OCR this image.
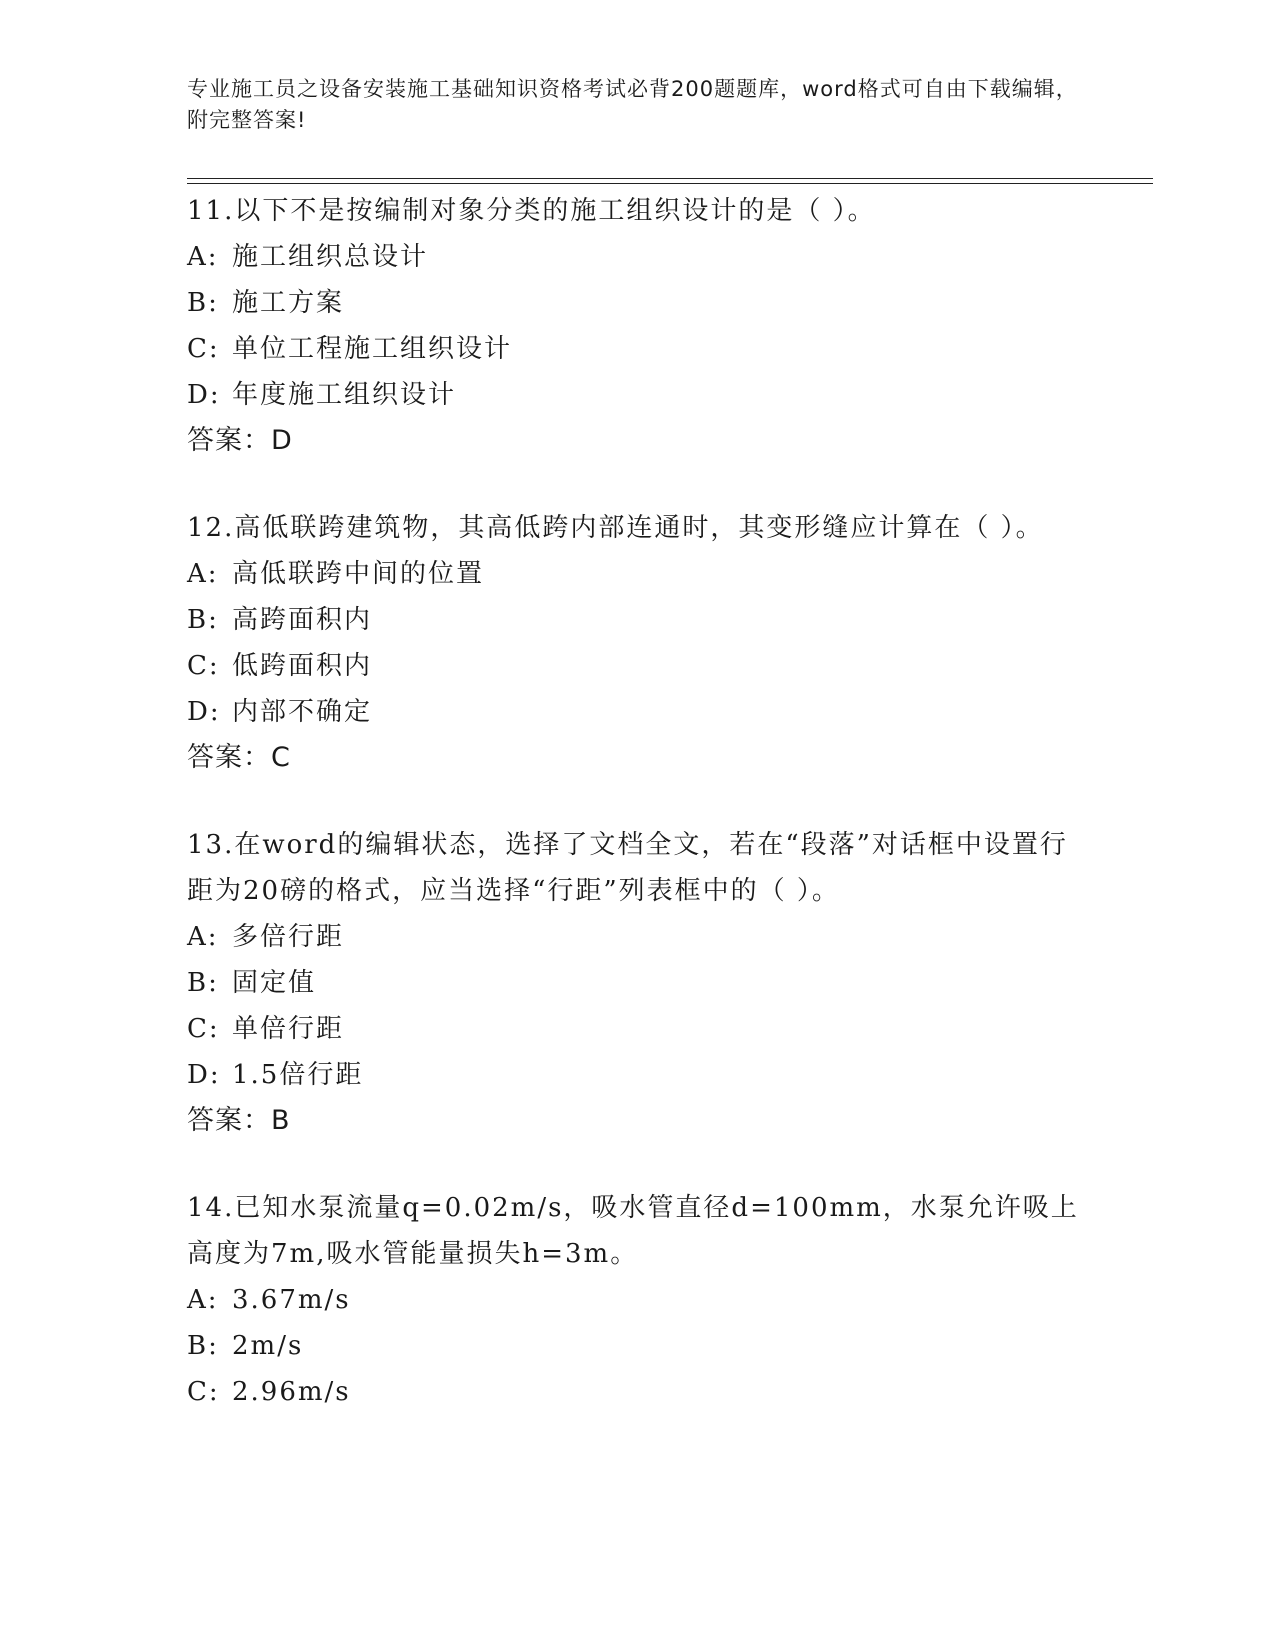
专业施工员之设备安装施工基础知识资格考试必背200题题库，word格式可自由下载编辑，附完整答案!
11.以下不是按编制对象分类的施工组织设计的是（ ）。
A: 施工组织总设计
B: 施工方案
C: 单位工程施工组织设计
D: 年度施工组织设计
答案：D
12.高低联跨建筑物，其高低跨内部连通时，其变形缝应计算在（ ）。
A: 高低联跨中间的位置
B: 高跨面积内
C: 低跨面积内
D: 内部不确定
答案：C
13.在word的编辑状态，选择了文档全文，若在“段落”对话框中设置行距为20磅的格式，应当选择“行距”列表框中的（ ）。
A: 多倍行距
B: 固定值
C: 单倍行距
D: 1.5倍行距
答案：B
14.已知水泵流量q=0.02m/s，吸水管直径d=100mm，水泵允许吸上高度为7m,吸水管能量损失h=3m。
A: 3.67m/s
B: 2m/s
C: 2.96m/s
